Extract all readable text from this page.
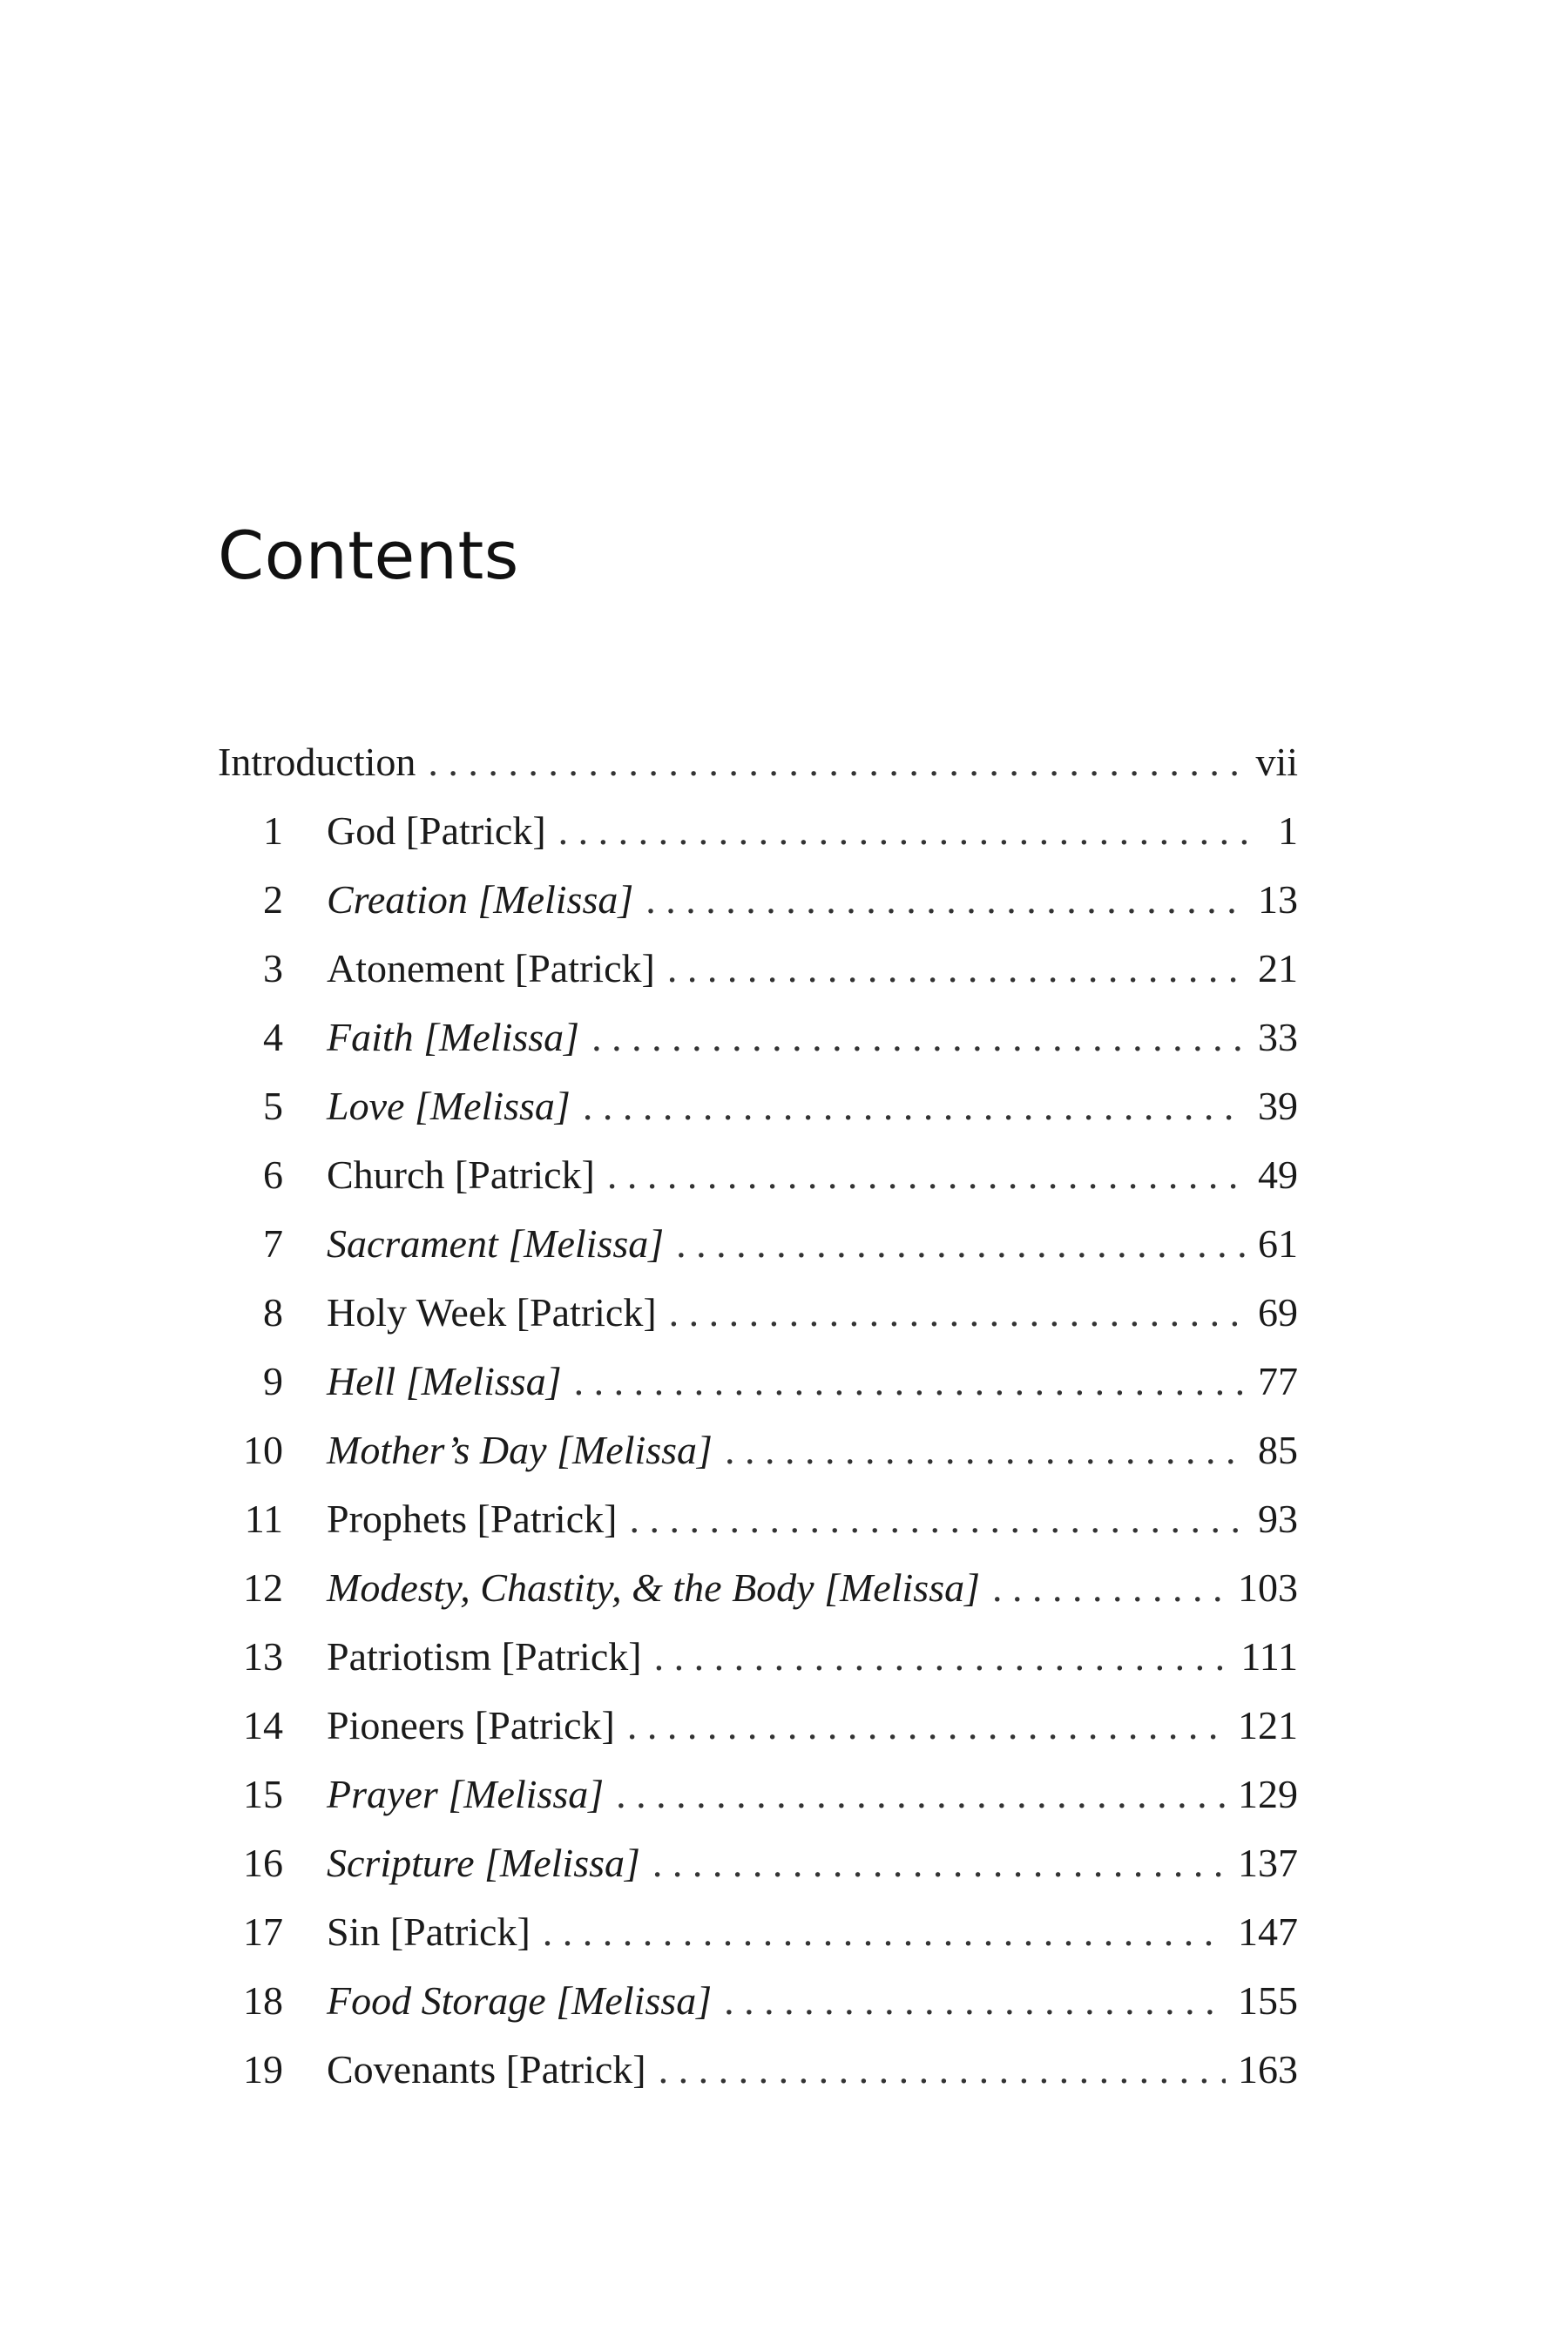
Contents
Introduction . . .	vii
1 God [Patrick] . . .	1
2 Creation [Melissa] . . .	13
3 Atonement [Patrick] . . .	21
4 Faith [Melissa] . . .	33
5 Love [Melissa] . . .	39
6 Church [Patrick] . . .	49
7 Sacrament [Melissa] . . .	61
8 Holy Week [Patrick] . . .	69
9 Hell [Melissa] . . .	77
10 Mother’s Day [Melissa] . . .	85
11 Prophets [Patrick] . . .	93
12 Modesty, Chastity, & the Body [Melissa] . . .	103
13 Patriotism [Patrick] . . .	111
14 Pioneers [Patrick] . . .	121
15 Prayer [Melissa] . . .	129
16 Scripture [Melissa] . . .	137
17 Sin [Patrick] . . .	147
18 Food Storage [Melissa] . . .	155
19 Covenants [Patrick] . . .	163
